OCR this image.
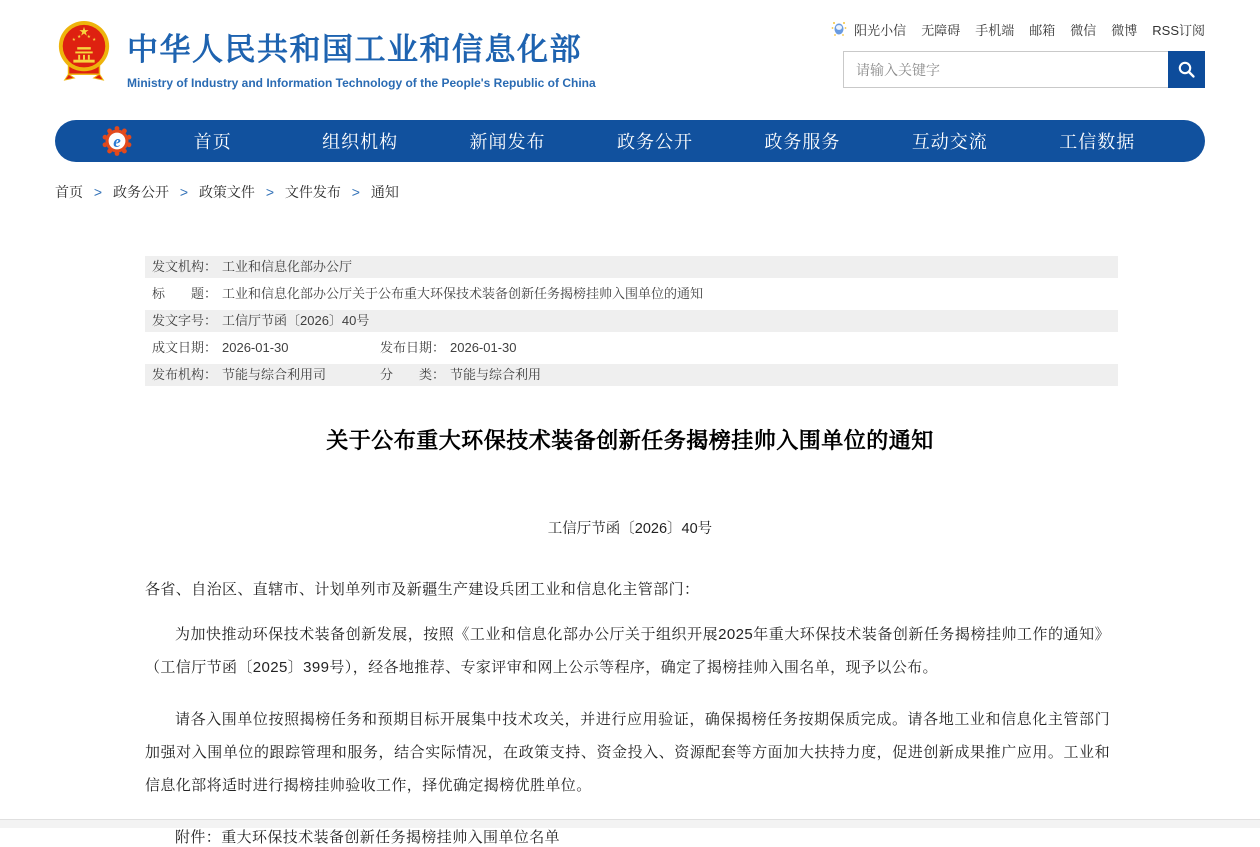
中华人民共和国工业和信息化部
Ministry of Industry and Information Technology of the People's Republic of China
阳光小信 无障碍 手机端 邮箱 微信 微博 RSS订阅
请输入关键字
e	首页	组织机构	新闻发布	政务公开	政务服务	互动交流	工信数据
首页 > 政务公开 > 政策文件 > 文件发布 > 通知
发文机构： 工业和信息化部办公厅
标　　题： 工业和信息化部办公厅关于公布重大环保技术装备创新任务揭榜挂帅入围单位的通知
发文字号： 工信厅节函〔2026〕40号
成文日期： 2026-01-30	发布日期： 2026-01-30
发布机构： 节能与综合利用司	分　　类： 节能与综合利用
关于公布重大环保技术装备创新任务揭榜挂帅入围单位的通知
工信厅节函〔2026〕40号

各省、自治区、直辖市、计划单列市及新疆生产建设兵团工业和信息化主管部门：

为加快推动环保技术装备创新发展，按照《工业和信息化部办公厅关于组织开展2025年重大环保技术装备创新任务揭榜挂帅工作的通知》（工信厅节函〔2025〕399号），经各地推荐、专家评审和网上公示等程序，确定了揭榜挂帅入围名单，现予以公布。

请各入围单位按照揭榜任务和预期目标开展集中技术攻关，并进行应用验证，确保揭榜任务按期保质完成。请各地工业和信息化主管部门加强对入围单位的跟踪管理和服务，结合实际情况，在政策支持、资金投入、资源配套等方面加大扶持力度，促进创新成果推广应用。工业和信息化部将适时进行揭榜挂帅验收工作，择优确定揭榜优胜单位。

附件：重大环保技术装备创新任务揭榜挂帅入围单位名单
